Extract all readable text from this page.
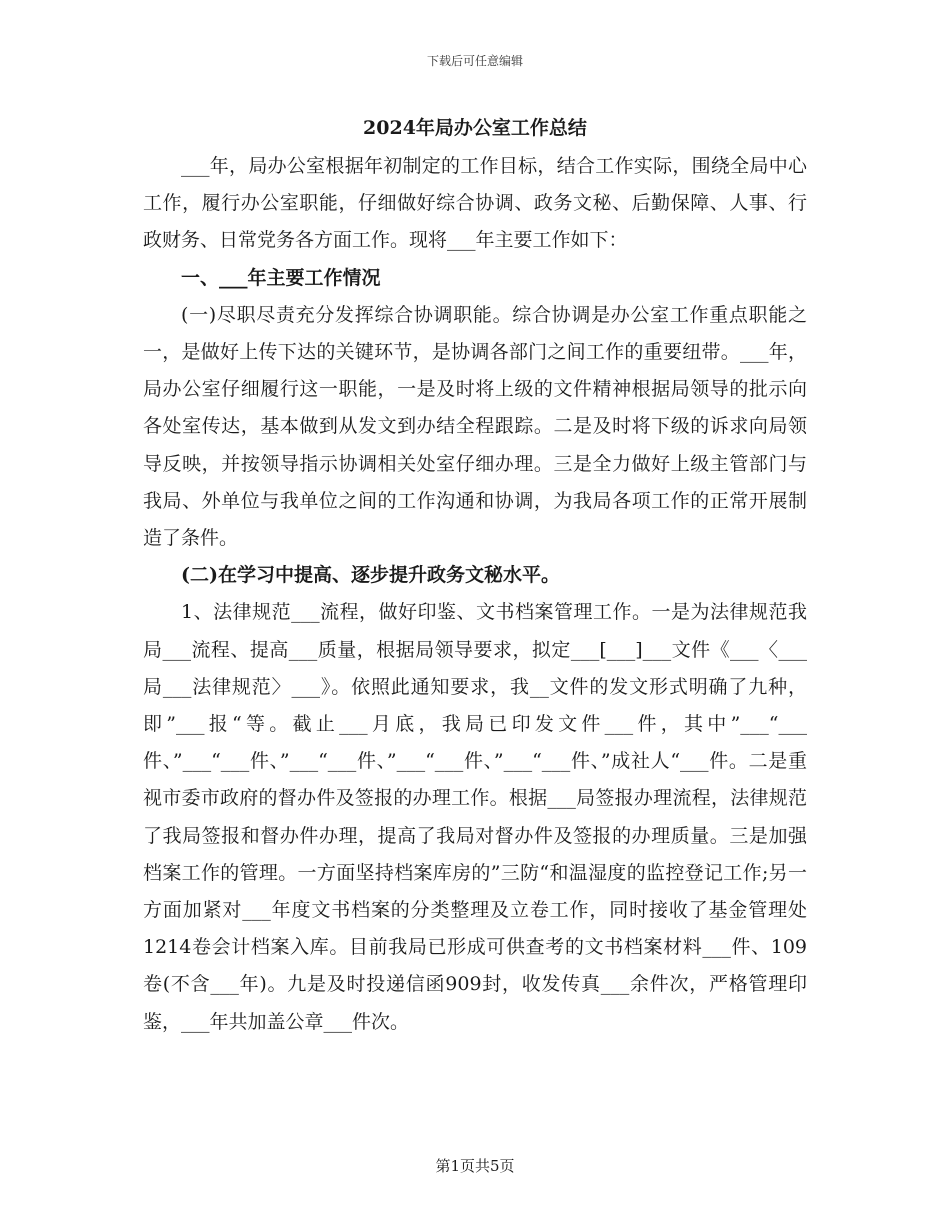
下载后可任意编辑
2024年局办公室工作总结

___年，局办公室根据年初制定的工作目标，结合工作实际，围绕全局中心工作，履行办公室职能，仔细做好综合协调、政务文秘、后勤保障、人事、行政财务、日常党务各方面工作。现将___年主要工作如下：

一、___年主要工作情况

(一)尽职尽责充分发挥综合协调职能。综合协调是办公室工作重点职能之一，是做好上传下达的关键环节，是协调各部门之间工作的重要纽带。___年，局办公室仔细履行这一职能，一是及时将上级的文件精神根据局领导的批示向各处室传达，基本做到从发文到办结全程跟踪。二是及时将下级的诉求向局领导反映，并按领导指示协调相关处室仔细办理。三是全力做好上级主管部门与我局、外单位与我单位之间的工作沟通和协调，为我局各项工作的正常开展制造了条件。

(二)在学习中提高、逐步提升政务文秘水平。

1、法律规范___流程，做好印鉴、文书档案管理工作。一是为法律规范我局___流程、提高___质量，根据局领导要求，拟定___[___]___文件《___〈___局___法律规范〉___》。依照此通知要求，我__文件的发文形式明确了九种，即”___报“等。截止___月底，我局已印发文件___件，其中”___“___件、”___“___件、”___“___件、”___“___件、”___“___件、”成社人“___件。二是重视市委市政府的督办件及签报的办理工作。根据___局签报办理流程，法律规范了我局签报和督办件办理，提高了我局对督办件及签报的办理质量。三是加强档案工作的管理。一方面坚持档案库房的”三防“和温湿度的监控登记工作;另一方面加紧对___年度文书档案的分类整理及立卷工作，同时接收了基金管理处1214卷会计档案入库。目前我局已形成可供查考的文书档案材料___件、109卷(不含___年)。九是及时投递信函909封，收发传真___余件次，严格管理印鉴，___年共加盖公章___件次。

第1页共5页
